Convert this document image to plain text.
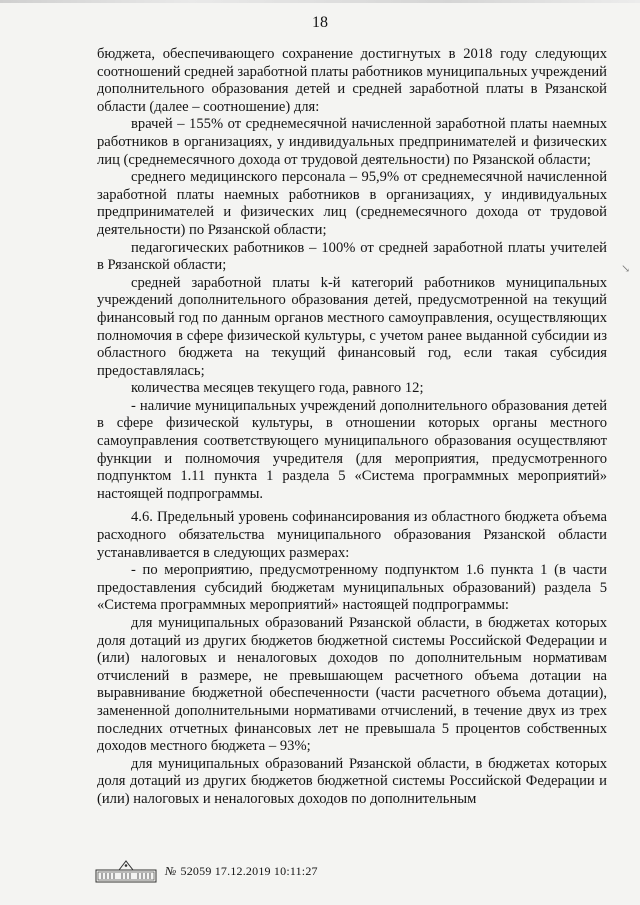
18

бюджета, обеспечивающего сохранение достигнутых в 2018 году следующих соотношений средней заработной платы работников муниципальных учреждений дополнительного образования детей и средней заработной платы в Рязанской области (далее – соотношение) для:

врачей – 155% от среднемесячной начисленной заработной платы наемных работников в организациях, у индивидуальных предпринимателей и физических лиц (среднемесячного дохода от трудовой деятельности) по Рязанской области;

среднего медицинского персонала – 95,9% от среднемесячной начисленной заработной платы наемных работников в организациях, у индивидуальных предпринимателей и физических лиц (среднемесячного дохода от трудовой деятельности) по Рязанской области;

педагогических работников – 100% от средней заработной платы учителей в Рязанской области;

средней заработной платы k-й категорий работников муниципальных учреждений дополнительного образования детей, предусмотренной на текущий финансовый год по данным органов местного самоуправления, осуществляющих полномочия в сфере физической культуры, с учетом ранее выданной субсидии из областного бюджета на текущий финансовый год, если такая субсидия предоставлялась;

количества месяцев текущего года, равного 12;

- наличие муниципальных учреждений дополнительного образования детей в сфере физической культуры, в отношении которых органы местного самоуправления соответствующего муниципального образования осуществляют функции и полномочия учредителя (для мероприятия, предусмотренного подпунктом 1.11 пункта 1 раздела 5 «Система программных мероприятий» настоящей подпрограммы.

4.6. Предельный уровень софинансирования из областного бюджета объема расходного обязательства муниципального образования Рязанской области устанавливается в следующих размерах:

- по мероприятию, предусмотренному подпунктом 1.6 пункта 1 (в части предоставления субсидий бюджетам муниципальных образований) раздела 5 «Система программных мероприятий» настоящей подпрограммы:

для муниципальных образований Рязанской области, в бюджетах которых доля дотаций из других бюджетов бюджетной системы Российской Федерации и (или) налоговых и неналоговых доходов по дополнительным нормативам отчислений в размере, не превышающем расчетного объема дотации на выравнивание бюджетной обеспеченности (части расчетного объема дотации), замененной дополнительными нормативами отчислений, в течение двух из трех последних отчетных финансовых лет не превышала 5 процентов собственных доходов местного бюджета – 93%;

для муниципальных образований Рязанской области, в бюджетах которых доля дотаций из других бюджетов бюджетной системы Российской Федерации и (или) налоговых и неналоговых доходов по дополнительным

↘
№ 52059 17.12.2019 10:11:27
